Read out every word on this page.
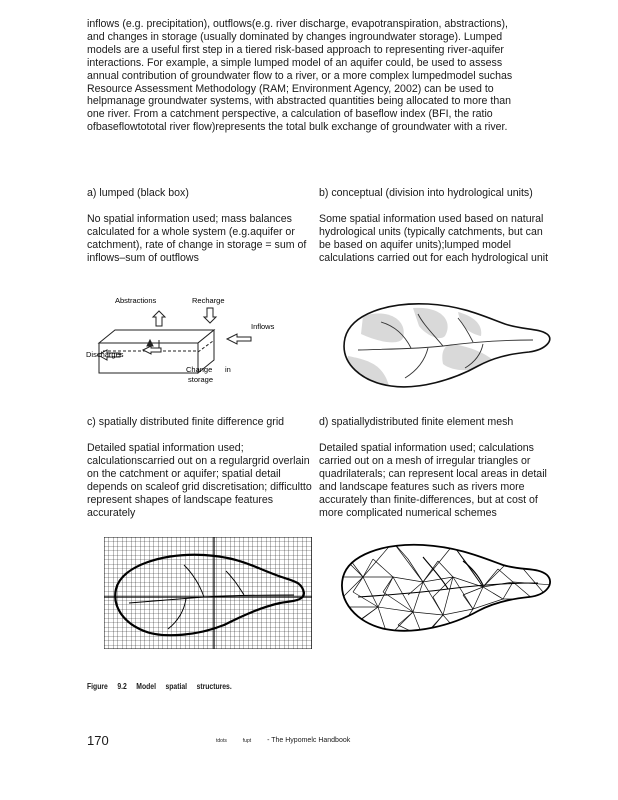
inflows (e.g. precipitation), outflows(e.g. river discharge, evapotranspiration, abstractions), and changes in storage (usually dominated by changes ingroundwater storage). Lumped models are a useful first step in a tiered risk-based approach to representing river-aquifer interactions. For example, a simple lumped model of an aquifer could, be used to assess annual contribution of groundwater flow to a river, or a more complex lumpedmodel suchas Resource Assessment Methodology (RAM; Environment Agency, 2002) can be used to helpmanage groundwater systems, with abstracted quantities being allocated to more than one river. From a catchment perspective, a calculation of baseflow index (BFI, the ratio ofbaseflowtototal river flow)represents the total bulk exchange of groundwater with a river.
a) lumped (black box)	b) conceptual (division into hydrological units)
No spatial information used; mass balances calculated for a whole system (e.g.aquifer or catchment), rate of change in storage = sum of inflows–sum of outflows
Some spatial information used based on natural hydrological units (typically catchments, but can be based on aquifer units);lumped model calculations carried out for each hydrological unit
Abstractions	Recharge
Inflows
Discharges
Change in
storage
c) spatially distributed finite difference grid	d) spatiallydistributed finite element mesh
Detailed spatial information used; calculationscarried out on a regulargrid overlain on the catchment or aquifer; spatial detail depends on scaleof grid discretisation; difficultto represent shapes of landscape features accurately
Detailed spatial information used; calculations carried out on a mesh of irregular triangles or quadrilaterals; can represent local areas in detail and landscape features such as rivers more accurately than finite-differences, but at cost of more complicated numerical schemes
Figure 9.2 Model spatial structures.
170	tdots	fupt - The Hypomelc Handbook
